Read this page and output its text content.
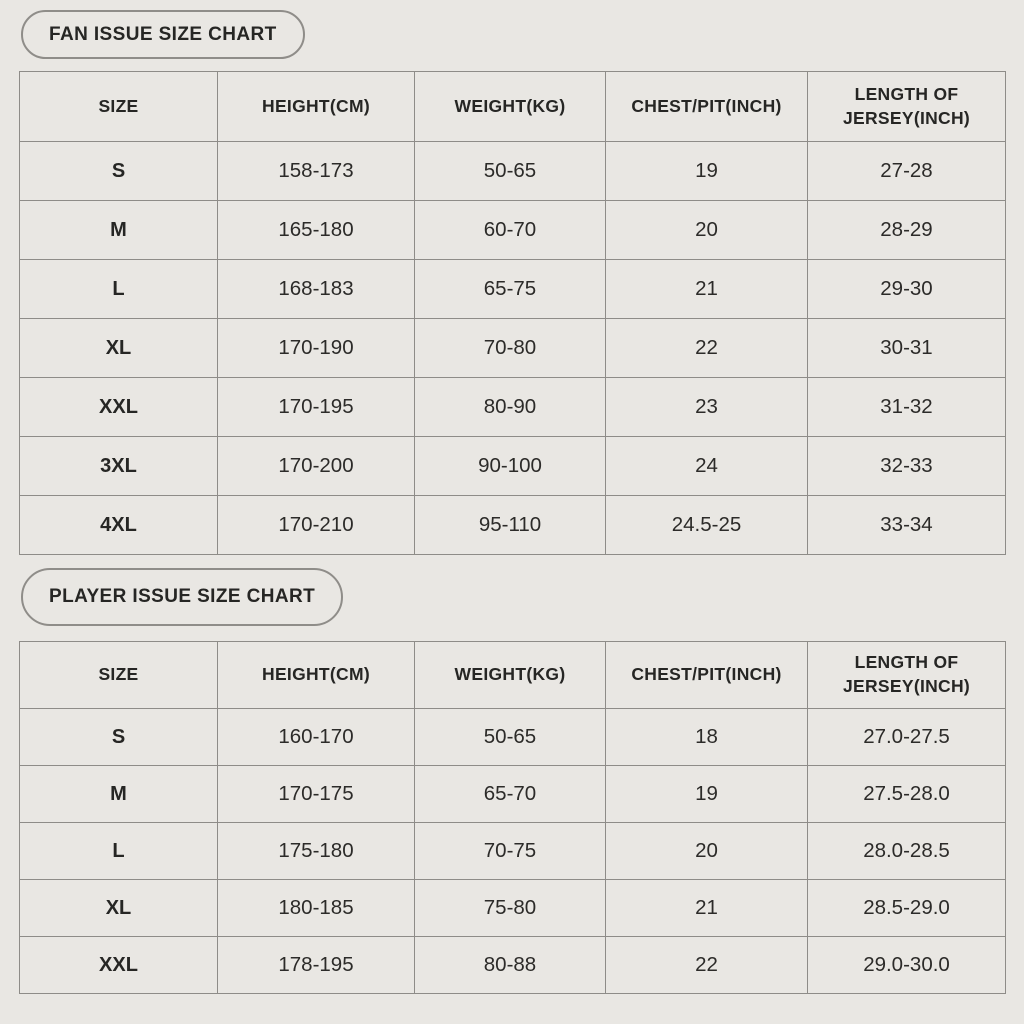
FAN ISSUE SIZE CHART
SIZE	HEIGHT(CM)	WEIGHT(KG)	CHEST/PIT(INCH)	LENGTH OF JERSEY(INCH)
S	158-173	50-65	19	27-28
M	165-180	60-70	20	28-29
L	168-183	65-75	21	29-30
XL	170-190	70-80	22	30-31
XXL	170-195	80-90	23	31-32
3XL	170-200	90-100	24	32-33
4XL	170-210	95-110	24.5-25	33-34
PLAYER ISSUE SIZE CHART
SIZE	HEIGHT(CM)	WEIGHT(KG)	CHEST/PIT(INCH)	LENGTH OF JERSEY(INCH)
S	160-170	50-65	18	27.0-27.5
M	170-175	65-70	19	27.5-28.0
L	175-180	70-75	20	28.0-28.5
XL	180-185	75-80	21	28.5-29.0
XXL	178-195	80-88	22	29.0-30.0
